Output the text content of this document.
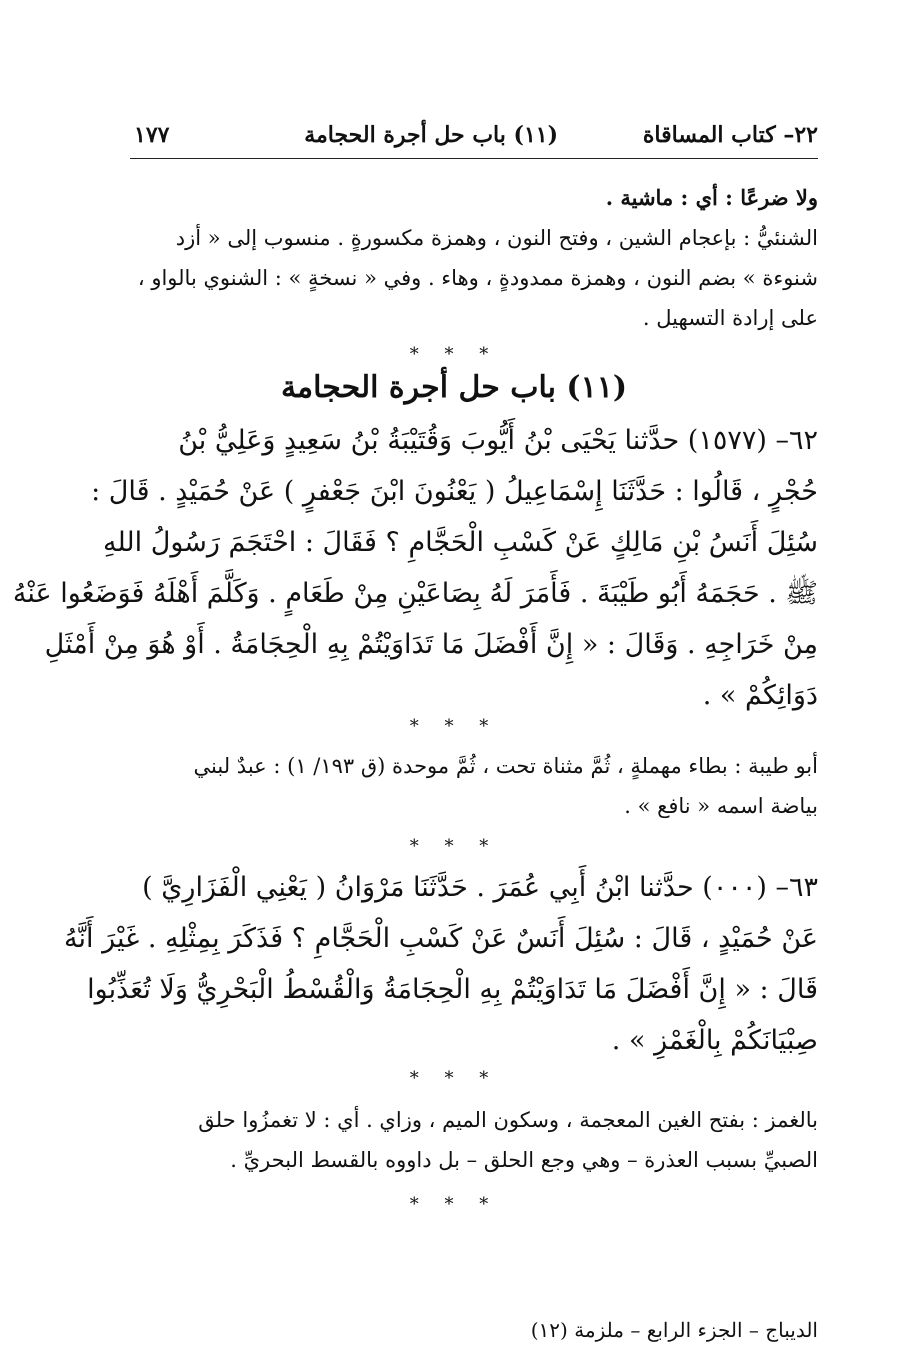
٢٢– كتاب المساقاة
(١١) باب حل أجرة الحجامة
١٧٧
ولا ضرعًا : أي : ماشية .
الشنئيُّ : بإعجام الشين ، وفتح النون ، وهمزة مكسورةٍ . منسوب إلى « أزد
شنوءة » بضم النون ، وهمزة ممدودةٍ ، وهاء . وفي « نسخةٍ » : الشنوي بالواو ،
على إرادة التسهيل .
* * *
(١١) باب حل أجرة الحجامة
٦٢– (١٥٧٧) حدَّثنا يَحْيَى بْنُ أَيُّوبَ وَقُتَيْبَةُ بْنُ سَعِيدٍ وَعَلِيُّ بْنُ
حُجْرٍ ، قَالُوا : حَدَّثَنَا إِسْمَاعِيلُ ( يَعْنُونَ ابْنَ جَعْفرٍ ) عَنْ حُمَيْدٍ . قَالَ :
سُئِلَ أَنَسُ بْنِ مَالِكٍ عَنْ كَسْبِ الْحَجَّامِ ؟ فَقَالَ : احْتَجَمَ رَسُولُ اللهِ
ﷺ . حَجَمَهُ أَبُو طَيْبَةَ . فَأَمَرَ لَهُ بِصَاعَيْنِ مِنْ طَعَامٍ . وَكَلَّمَ أَهْلَهُ فَوَضَعُوا عَنْهُ
مِنْ خَرَاجِهِ . وَقَالَ : « إِنَّ أَفْضَلَ مَا تَدَاوَيْتُمْ بِهِ الْحِجَامَةُ . أَوْ هُوَ مِنْ أَمْثَلِ
دَوَائِكُمْ » .
* * *
أبو طيبة : بطاء مهملةٍ ، ثُمَّ مثناة تحت ، ثُمَّ موحدة (ق ١٩٣/ ١) : عبدٌ لبني
بياضة اسمه « نافع » .
* * *
٦٣– (٠٠٠) حدَّثنا ابْنُ أَبِي عُمَرَ . حَدَّثَنَا مَرْوَانُ ( يَعْنِي الْفَزَارِيَّ )
عَنْ حُمَيْدٍ ، قَالَ : سُئِلَ أَنَسٌ عَنْ كَسْبِ الْحَجَّامِ ؟ فَذَكَرَ بِمِثْلِهِ . غَيْرَ أَنَّهُ
قَالَ : « إِنَّ أَفْضَلَ مَا تَدَاوَيْتُمْ بِهِ الْحِجَامَةُ وَالْقُسْطُ الْبَحْرِيُّ وَلَا تُعَذِّبُوا
صِبْيَانَكُمْ بِالْغَمْزِ » .
* * *
بالغمز : بفتح الغين المعجمة ، وسكون الميم ، وزاي . أي : لا تغمزُوا حلق
الصبيِّ بسبب العذرة – وهي وجع الحلق – بل داووه بالقسط البحريِّ .
* * *
الديباج – الجزء الرابع – ملزمة (١٢)
